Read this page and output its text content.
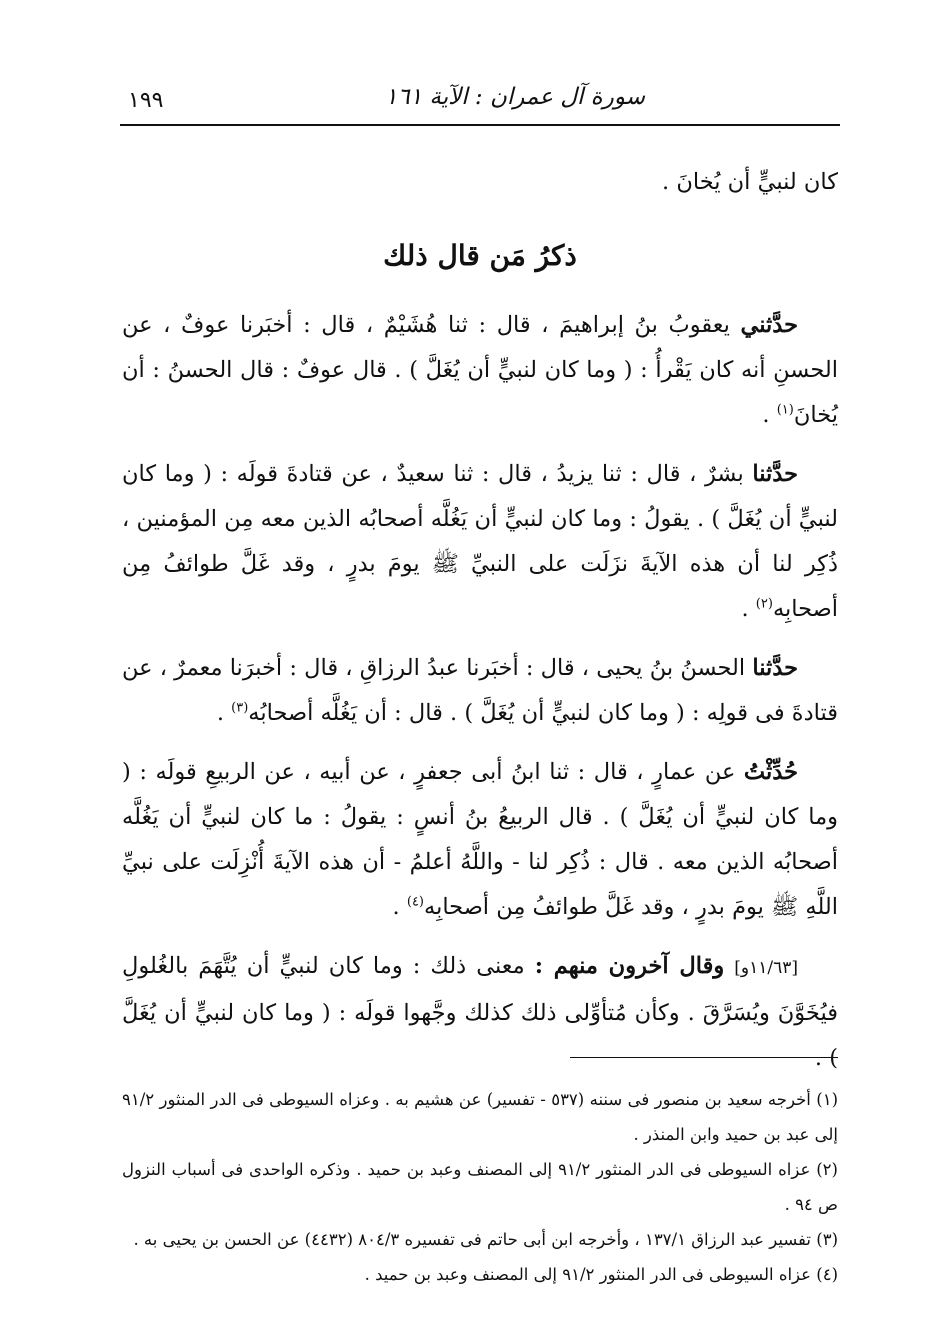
سورة آل عمران : الآية ١٦١
١٩٩

كان لنبيٍّ أن يُخانَ .

ذكرُ مَن قال ذلك

حدَّثني يعقوبُ بنُ إبراهيمَ ، قال : ثنا هُشَيْمٌ ، قال : أخبَرنا عوفٌ ، عن الحسنِ أنه كان يَقْرأُ : ( وما كان لنبيٍّ أن يُغَلَّ ) . قال عوفٌ : قال الحسنُ : أن يُخانَ$^{(١)}$ .

حدَّثنا بشرٌ ، قال : ثنا يزيدُ ، قال : ثنا سعيدٌ ، عن قتادةَ قولَه : ( وما كان لنبيٍّ أن يُغَلَّ ) . يقولُ : وما كان لنبيٍّ أن يَغُلَّه أصحابُه الذين معه مِن المؤمنين ، ذُكِر لنا أن هذه الآيةَ نزَلَت على النبيِّ ﷺ يومَ بدرٍ ، وقد غَلَّ طوائفُ مِن أصحابِه$^{(٢)}$ .

حدَّثنا الحسنُ بنُ يحيى ، قال : أخبَرنا عبدُ الرزاقِ ، قال : أخبرَنا معمرٌ ، عن قتادةَ فى قولِه : ( وما كان لنبيٍّ أن يُغَلَّ ) . قال : أن يَغُلَّه أصحابُه$^{(٣)}$ .

حُدِّثْتُ عن عمارٍ ، قال : ثنا ابنُ أبى جعفرٍ ، عن أبيه ، عن الربيعِ قولَه : ( وما كان لنبيٍّ أن يُغَلَّ ) . قال الربيعُ بنُ أنسٍ : يقولُ : ما كان لنبيٍّ أن يَغُلَّه أصحابُه الذين معه . قال : ذُكِر لنا - واللَّهُ أعلمُ - أن هذه الآيةَ أُنْزِلَت على نبيِّ اللَّهِ ﷺ يومَ بدرٍ ، وقد غَلَّ طوائفُ مِن أصحابِه$^{(٤)}$ .

[١١/٦٣و] وقال آخرون منهم : معنى ذلك : وما كان لنبيٍّ أن يُتَّهَمَ بالغُلولِ فيُخَوَّنَ ويُسَرَّقَ . وكأن مُتأوِّلى ذلك كذلك وجَّهوا قولَه : ( وما كان لنبيٍّ أن يُغَلَّ ) .

(١) أخرجه سعيد بن منصور فى سننه (٥٣٧ - تفسير) عن هشيم به . وعزاه السيوطى فى الدر المنثور ٩١/٢ إلى عبد بن حميد وابن المنذر .

(٢) عزاه السيوطى فى الدر المنثور ٩١/٢ إلى المصنف وعبد بن حميد . وذكره الواحدى فى أسباب النزول ص ٩٤ .

(٣) تفسير عبد الرزاق ١٣٧/١ ، وأخرجه ابن أبى حاتم فى تفسيره ٨٠٤/٣ (٤٤٣٢) عن الحسن بن يحيى به .

(٤) عزاه السيوطى فى الدر المنثور ٩١/٢ إلى المصنف وعبد بن حميد .
